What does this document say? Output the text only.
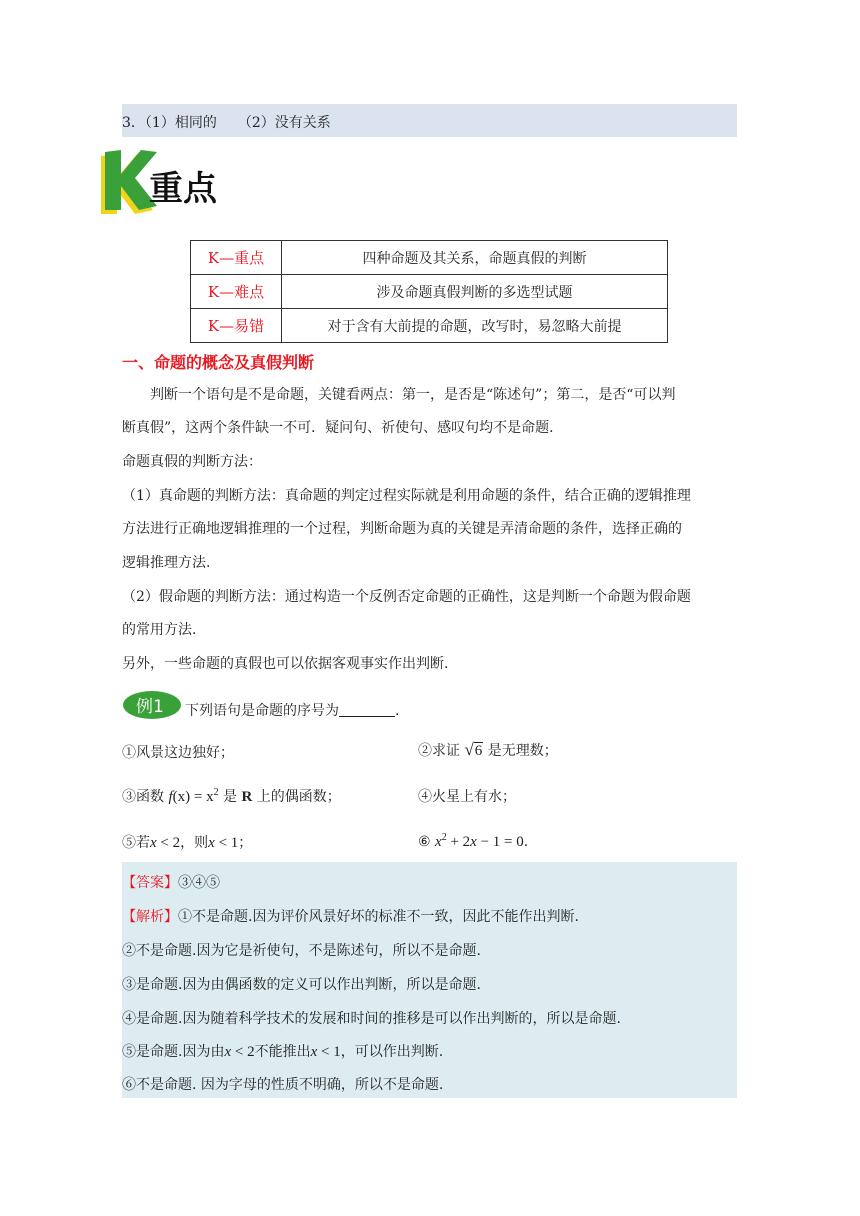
3．（1）相同的　　（2）没有关系
重点
K—重点	四种命题及其关系，命题真假的判断
K—难点	涉及命题真假判断的多选型试题
K—易错	对于含有大前提的命题，改写时，易忽略大前提
一、命题的概念及真假判断
判断一个语句是不是命题，关键看两点：第一，是否是“陈述句”；第二，是否“可以判
断真假”，这两个条件缺一不可．疑问句、祈使句、感叹句均不是命题．
命题真假的判断方法：
（1）真命题的判断方法：真命题的判定过程实际就是利用命题的条件，结合正确的逻辑推理
方法进行正确地逻辑推理的一个过程，判断命题为真的关键是弄清命题的条件，选择正确的
逻辑推理方法.
（2）假命题的判断方法：通过构造一个反例否定命题的正确性，这是判断一个命题为假命题
的常用方法.
另外，一些命题的真假也可以依据客观事实作出判断.
例1 下列语句是命题的序号为	.
①风景这边独好；	②求证 √6 是无理数；
③函数 $f(x) = x^2$ 是 R 上的偶函数；	④火星上有水；
⑤若x < 2，则x < 1；	⑥ $x^2 + 2x - 1 = 0$.
【答案】③④⑤
【解析】①不是命题.因为评价风景好坏的标准不一致，因此不能作出判断.
②不是命题.因为它是祈使句，不是陈述句，所以不是命题.
③是命题.因为由偶函数的定义可以作出判断，所以是命题.
④是命题.因为随着科学技术的发展和时间的推移是可以作出判断的，所以是命题.
⑤是命题.因为由x < 2不能推出x < 1，可以作出判断.
⑥不是命题. 因为字母的性质不明确，所以不是命题.
